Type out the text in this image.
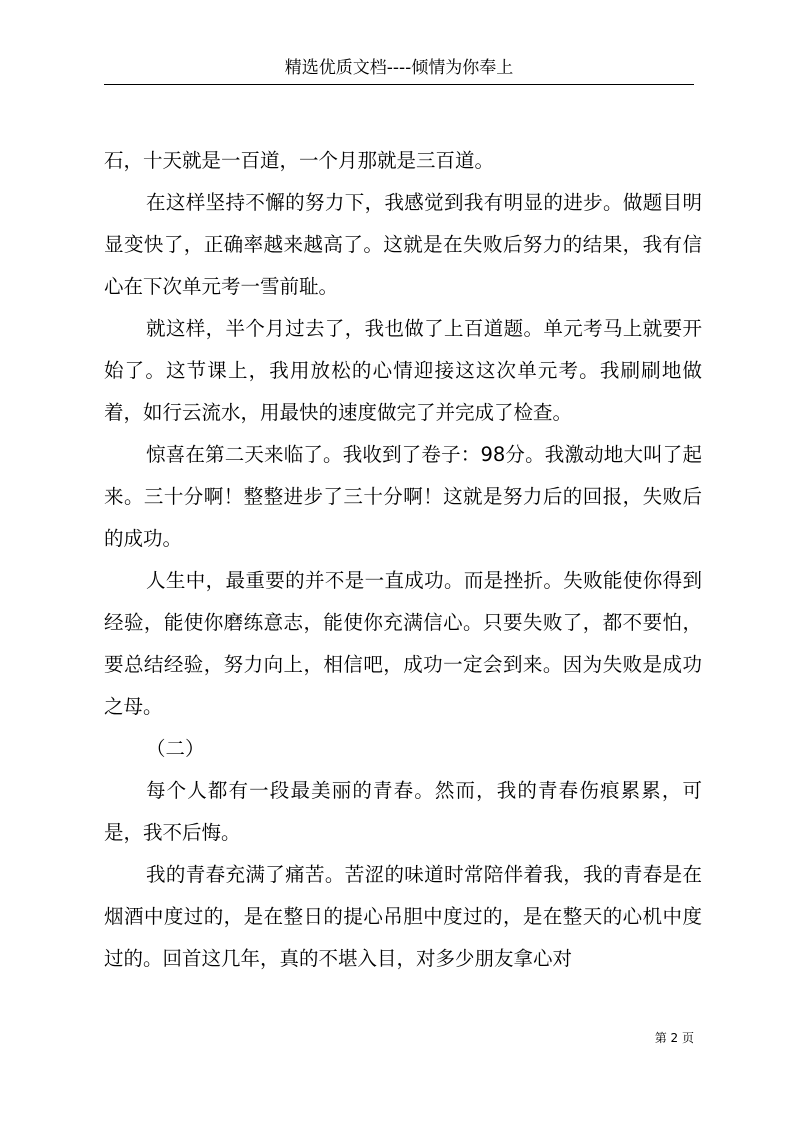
精选优质文档----倾情为你奉上

石，十天就是一百道，一个月那就是三百道。

在这样坚持不懈的努力下，我感觉到我有明显的进步。做题目明显变快了，正确率越来越高了。这就是在失败后努力的结果，我有信心在下次单元考一雪前耻。

就这样，半个月过去了，我也做了上百道题。单元考马上就要开始了。这节课上，我用放松的心情迎接这这次单元考。我刷刷地做着，如行云流水，用最快的速度做完了并完成了检查。

惊喜在第二天来临了。我收到了卷子：98分。我激动地大叫了起来。三十分啊！整整进步了三十分啊！这就是努力后的回报，失败后的成功。

人生中，最重要的并不是一直成功。而是挫折。失败能使你得到经验，能使你磨练意志，能使你充满信心。只要失败了，都不要怕，要总结经验，努力向上，相信吧，成功一定会到来。因为失败是成功之母。

（二）

每个人都有一段最美丽的青春。然而，我的青春伤痕累累，可是，我不后悔。

我的青春充满了痛苦。苦涩的味道时常陪伴着我，我的青春是在烟酒中度过的，是在整日的提心吊胆中度过的，是在整天的心机中度过的。回首这几年，真的不堪入目，对多少朋友拿心对

第 2 页
